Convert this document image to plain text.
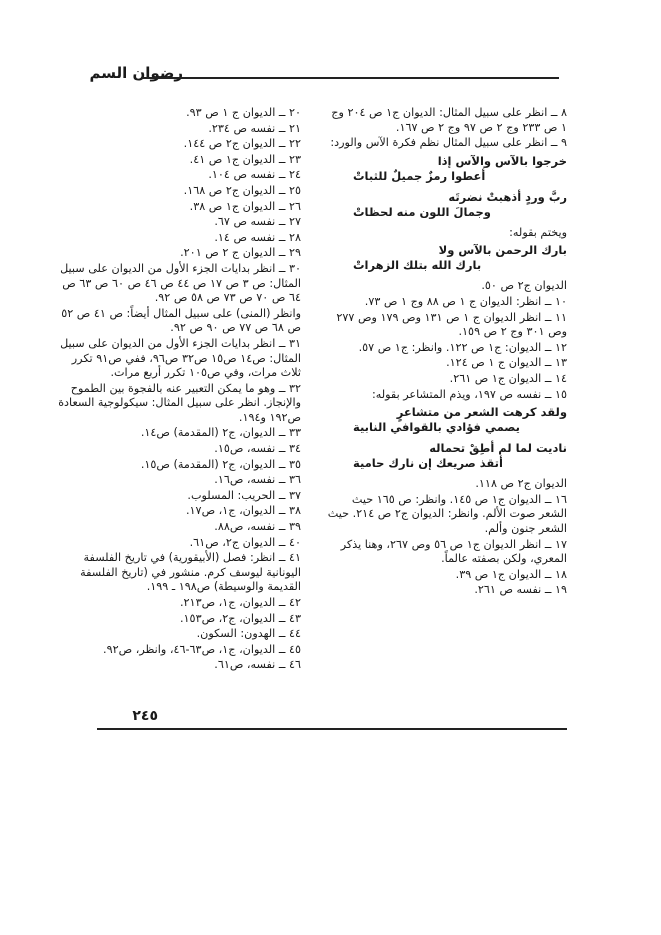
رضوان السم
٨ ــ انظر على سبيل المثال: الديوان ج١ ص ٢٠٤ وج ١ ص ٢٣٣ وج ٢ ص ٩٧ وج ٢ ص ١٦٧.
٩ ــ انظر على سبيل المثال نظم فكرة الآس والورد:
خرجوا بالآس والآس إذا
أعطوا رمزٌ جميلٌ للثباتْ
ربَّ وردٍ أذهبتْ نضرتَه
وجمالَ اللون منه لحظاتْ
ويختم بقوله:
بارك الرحمن بالآس ولا
بارك الله بتلك الزهراتْ
الديوان ج٢ ص ٥٠.
١٠ ــ انظر: الديوان ج ١ ص ٨٨ وج ١ ص ٧٣.
١١ ــ انظر الديوان ج ١ ص ١٣١ وص ١٧٩ وص ٢٧٧ وص ٣٠١ وج ٢ ص ١٥٩.
١٢ ــ الديوان: ج١ ص ١٢٢. وانظر: ج١ ص ٥٧.
١٣ ــ الديوان ج ١ ص ١٢٤.
١٤ ــ الديوان ج١ ص ٢٦١.
١٥ ــ نفسه ص ١٩٧، ويذم المتشاعر بقوله:
ولقد كرهت الشعر من متشاعرٍ
يصمي فؤادي بالقوافي النابية
ناديت لما لم أطِقْ تحماله
أتقذ صريعك إن نارك حامية
الديوان ج٢ ص ١١٨.
١٦ ــ الديوان ج١ ص ١٤٥. وانظر: ص ١٦٥ حيث الشعر صوت الألم. وانظر: الديوان ج٢ ص ٢١٤. حيث الشعر جنون وألم.
١٧ ــ انظر الديوان ج١ ص ٥٦ وص ٢٦٧، وهنا يذكر المعري، ولكن بصفته عالماً.
١٨ ــ الديوان ج١ ص ٣٩.
١٩ ــ نفسه ص ٢٦١.
٢٠ ــ الديوان ج ١ ص ٩٣.
٢١ ــ نفسه ص ٢٣٤.
٢٢ ــ الديوان ج٢ ص ١٤٤.
٢٣ ــ الديوان ج١ ص ٤١.
٢٤ ــ نفسه ص ١٠٤.
٢٥ ــ الديوان ج٢ ص ١٦٨.
٢٦ ــ الديوان ج١ ص ٣٨.
٢٧ ــ نفسه ص ٦٧.
٢٨ ــ نفسه ص ١٤.
٢٩ ــ الديوان ج ٢ ص ٢٠١.
٣٠ ــ انظر بدايات الجزء الأول من الديوان على سبيل المثال: ص ٣ ص ١٧ ص ٤٤ ص ٤٦ ص ٦٠ ص ٦٣ ص ٦٤ ص ٧٠ ص ٧٣ ص ٥٨ ص ٩٢.
وانظر (المنى) على سبيل المثال أيضاً: ص ٤١ ص ٥٢ ص ٦٨ ص ٧٧ ص ٩٠ ص ٩٢.
٣١ ــ انظر بدايات الجزء الأول من الديوان على سبيل المثال: ص١٤ ص١٥ ص٣٢ ص٩٦، ففي ص٩١ تكرر ثلاث مرات، وفي ص١٠٥ تكرر أربع مرات.
٣٢ ــ وهو ما يمكن التعبير عنه بالفجوة بين الطموح والإنجاز. انظر على سبيل المثال: سيكولوجية السعادة ص١٩٢ و١٩٤.
٣٣ ــ الديوان، ج٢ (المقدمة) ص١٤.
٣٤ ــ نفسه، ص١٥.
٣٥ ــ الديوان، ج٢ (المقدمة) ص١٥.
٣٦ ــ نفسه، ص١٦.
٣٧ ــ الحريب: المسلوب.
٣٨ ــ الديوان، ج١، ص١٧.
٣٩ ــ نفسه، ص٨٨.
٤٠ ــ الديوان ج٢، ص٦١.
٤١ ــ انظر: فصل (الأبيقورية) في تاريخ الفلسفة اليونانية ليوسف كرم. منشور في (تاريخ الفلسفة القديمة والوسيطة) ص١٩٨ ـ ١٩٩.
٤٢ ــ الديوان، ج١، ص٢١٣.
٤٣ ــ الديوان، ج٢، ص١٥٣.
٤٤ ــ الهدون: السكون.
٤٥ ــ الديوان، ج١، ص٦٣-٤٦، وانظر، ص٩٢.
٤٦ ــ نفسه، ص٦١.
٢٤٥
